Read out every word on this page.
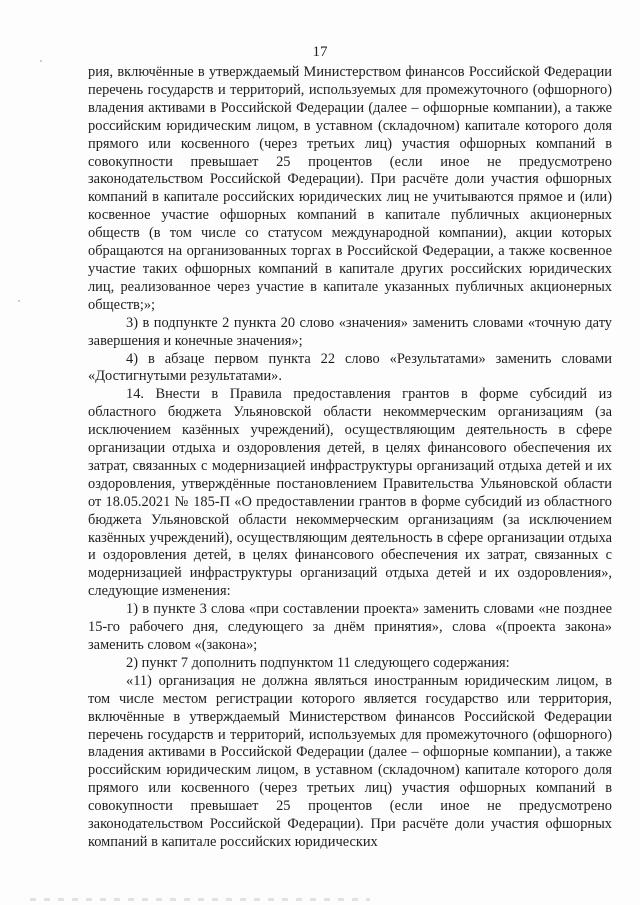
17

рия, включённые в утверждаемый Министерством финансов Российской Федерации перечень государств и территорий, используемых для промежуточного (офшорного) владения активами в Российской Федерации (далее – офшорные компании), а также российским юридическим лицом, в уставном (складочном) капитале которого доля прямого или косвенного (через третьих лиц) участия офшорных компаний в совокупности превышает 25 процентов (если иное не предусмотрено законодательством Российской Федерации). При расчёте доли участия офшорных компаний в капитале российских юридических лиц не учитываются прямое и (или) косвенное участие офшорных компаний в капитале публичных акционерных обществ (в том числе со статусом международной компании), акции которых обращаются на организованных торгах в Российской Федерации, а также косвенное участие таких офшорных компаний в капитале других российских юридических лиц, реализованное через участие в капитале указанных публичных акционерных обществ;»;

3) в подпункте 2 пункта 20 слово «значения» заменить словами «точную дату завершения и конечные значения»;

4) в абзаце первом пункта 22 слово «Результатами» заменить словами «Достигнутыми результатами».

14. Внести в Правила предоставления грантов в форме субсидий из областного бюджета Ульяновской области некоммерческим организациям (за исключением казённых учреждений), осуществляющим деятельность в сфере организации отдыха и оздоровления детей, в целях финансового обеспечения их затрат, связанных с модернизацией инфраструктуры организаций отдыха детей и их оздоровления, утверждённые постановлением Правительства Ульяновской области от 18.05.2021 № 185-П «О предоставлении грантов в форме субсидий из областного бюджета Ульяновской области некоммерческим организациям (за исключением казённых учреждений), осуществляющим деятельность в сфере организации отдыха и оздоровления детей, в целях финансового обеспечения их затрат, связанных с модернизацией инфраструктуры организаций отдыха детей и их оздоровления», следующие изменения:

1) в пункте 3 слова «при составлении проекта» заменить словами «не позднее 15-го рабочего дня, следующего за днём принятия», слова «(проекта закона» заменить словом «(закона»;

2) пункт 7 дополнить подпунктом 11 следующего содержания:

«11) организация не должна являться иностранным юридическим лицом, в том числе местом регистрации которого является государство или территория, включённые в утверждаемый Министерством финансов Российской Федерации перечень государств и территорий, используемых для промежуточного (офшорного) владения активами в Российской Федерации (далее – офшорные компании), а также российским юридическим лицом, в уставном (складочном) капитале которого доля прямого или косвенного (через третьих лиц) участия офшорных компаний в совокупности превышает 25 процентов (если иное не предусмотрено законодательством Российской Федерации). При расчёте доли участия офшорных компаний в капитале российских юридических
